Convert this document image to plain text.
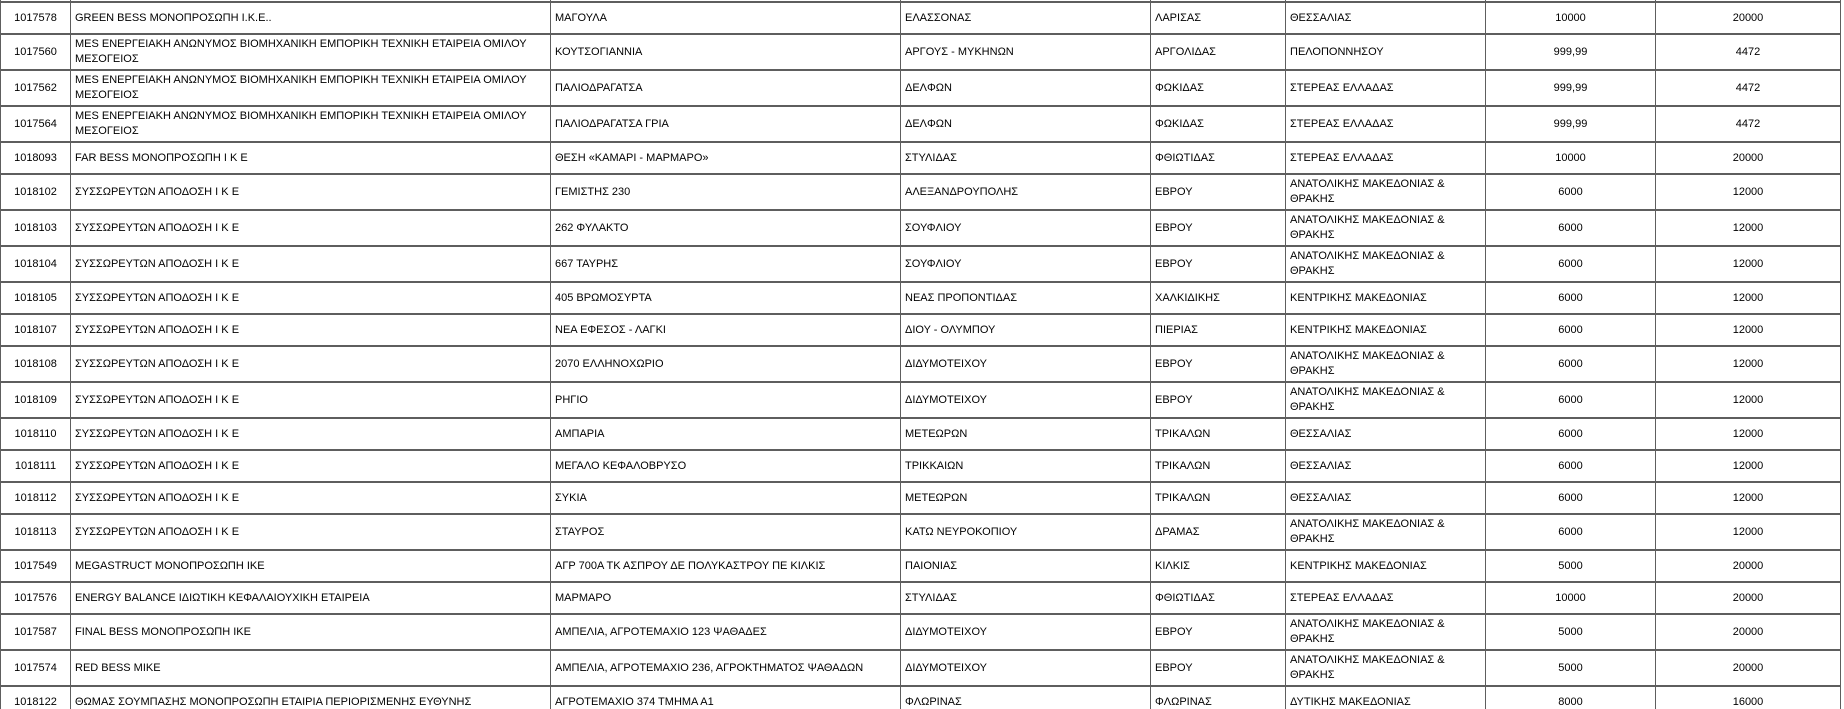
1017578	GREEN BESS ΜΟΝΟΠΡΟΣΩΠΗ Ι.Κ.Ε..	ΜΑΓΟΥΛΑ	ΕΛΑΣΣΟΝΑΣ	ΛΑΡΙΣΑΣ	ΘΕΣΣΑΛΙΑΣ	10000	20000
1017560	MES ΕΝΕΡΓΕΙΑΚΗ ΑΝΩΝΥΜΟΣ ΒΙΟΜΗΧΑΝΙΚΗ ΕΜΠΟΡΙΚΗ ΤΕΧΝΙΚΗ ΕΤΑΙΡΕΙΑ ΟΜΙΛΟΥ ΜΕΣΟΓΕΙΟΣ	ΚΟΥΤΣΟΓΙΑΝΝΙΑ	ΑΡΓΟΥΣ - ΜΥΚΗΝΩΝ	ΑΡΓΟΛΙΔΑΣ	ΠΕΛΟΠΟΝΝΗΣΟΥ	999,99	4472
1017562	MES ΕΝΕΡΓΕΙΑΚΗ ΑΝΩΝΥΜΟΣ ΒΙΟΜΗΧΑΝΙΚΗ ΕΜΠΟΡΙΚΗ ΤΕΧΝΙΚΗ ΕΤΑΙΡΕΙΑ ΟΜΙΛΟΥ ΜΕΣΟΓΕΙΟΣ	ΠΑΛΙΟΔΡΑΓΑΤΣΑ	ΔΕΛΦΩΝ	ΦΩΚΙΔΑΣ	ΣΤΕΡΕΑΣ ΕΛΛΑΔΑΣ	999,99	4472
1017564	MES ΕΝΕΡΓΕΙΑΚΗ ΑΝΩΝΥΜΟΣ ΒΙΟΜΗΧΑΝΙΚΗ ΕΜΠΟΡΙΚΗ ΤΕΧΝΙΚΗ ΕΤΑΙΡΕΙΑ ΟΜΙΛΟΥ ΜΕΣΟΓΕΙΟΣ	ΠΑΛΙΟΔΡΑΓΑΤΣΑ ΓΡΙΑ	ΔΕΛΦΩΝ	ΦΩΚΙΔΑΣ	ΣΤΕΡΕΑΣ ΕΛΛΑΔΑΣ	999,99	4472
1018093	FAR BESS ΜΟΝΟΠΡΟΣΩΠΗ Ι Κ Ε	ΘΕΣΗ «ΚΑΜΑΡΙ - ΜΑΡΜΑΡΟ»	ΣΤΥΛΙΔΑΣ	ΦΘΙΩΤΙΔΑΣ	ΣΤΕΡΕΑΣ ΕΛΛΑΔΑΣ	10000	20000
1018102	ΣΥΣΣΩΡΕΥΤΩΝ ΑΠΟΔΟΣΗ Ι Κ Ε	ΓΕΜΙΣΤΗΣ 230	ΑΛΕΞΑΝΔΡΟΥΠΟΛΗΣ	ΕΒΡΟΥ	ΑΝΑΤΟΛΙΚΗΣ ΜΑΚΕΔΟΝΙΑΣ & ΘΡΑΚΗΣ	6000	12000
1018103	ΣΥΣΣΩΡΕΥΤΩΝ ΑΠΟΔΟΣΗ Ι Κ Ε	262 ΦΥΛΑΚΤΟ	ΣΟΥΦΛΙΟΥ	ΕΒΡΟΥ	ΑΝΑΤΟΛΙΚΗΣ ΜΑΚΕΔΟΝΙΑΣ & ΘΡΑΚΗΣ	6000	12000
1018104	ΣΥΣΣΩΡΕΥΤΩΝ ΑΠΟΔΟΣΗ Ι Κ Ε	667 ΤΑΥΡΗΣ	ΣΟΥΦΛΙΟΥ	ΕΒΡΟΥ	ΑΝΑΤΟΛΙΚΗΣ ΜΑΚΕΔΟΝΙΑΣ & ΘΡΑΚΗΣ	6000	12000
1018105	ΣΥΣΣΩΡΕΥΤΩΝ ΑΠΟΔΟΣΗ Ι Κ Ε	405 ΒΡΩΜΟΣΥΡΤΑ	ΝΕΑΣ ΠΡΟΠΟΝΤΙΔΑΣ	ΧΑΛΚΙΔΙΚΗΣ	ΚΕΝΤΡΙΚΗΣ ΜΑΚΕΔΟΝΙΑΣ	6000	12000
1018107	ΣΥΣΣΩΡΕΥΤΩΝ ΑΠΟΔΟΣΗ Ι Κ Ε	ΝΕΑ ΕΦΕΣΟΣ - ΛΑΓΚΙ	ΔΙΟΥ - ΟΛΥΜΠΟΥ	ΠΙΕΡΙΑΣ	ΚΕΝΤΡΙΚΗΣ ΜΑΚΕΔΟΝΙΑΣ	6000	12000
1018108	ΣΥΣΣΩΡΕΥΤΩΝ ΑΠΟΔΟΣΗ Ι Κ Ε	2070 ΕΛΛΗΝΟΧΩΡΙΟ	ΔΙΔΥΜΟΤΕΙΧΟΥ	ΕΒΡΟΥ	ΑΝΑΤΟΛΙΚΗΣ ΜΑΚΕΔΟΝΙΑΣ & ΘΡΑΚΗΣ	6000	12000
1018109	ΣΥΣΣΩΡΕΥΤΩΝ ΑΠΟΔΟΣΗ Ι Κ Ε	ΡΗΓΙΟ	ΔΙΔΥΜΟΤΕΙΧΟΥ	ΕΒΡΟΥ	ΑΝΑΤΟΛΙΚΗΣ ΜΑΚΕΔΟΝΙΑΣ & ΘΡΑΚΗΣ	6000	12000
1018110	ΣΥΣΣΩΡΕΥΤΩΝ ΑΠΟΔΟΣΗ Ι Κ Ε	ΑΜΠΑΡΙΑ	ΜΕΤΕΩΡΩΝ	ΤΡΙΚΑΛΩΝ	ΘΕΣΣΑΛΙΑΣ	6000	12000
1018111	ΣΥΣΣΩΡΕΥΤΩΝ ΑΠΟΔΟΣΗ Ι Κ Ε	ΜΕΓΑΛΟ ΚΕΦΑΛΟΒΡΥΣΟ	ΤΡΙΚΚΑΙΩΝ	ΤΡΙΚΑΛΩΝ	ΘΕΣΣΑΛΙΑΣ	6000	12000
1018112	ΣΥΣΣΩΡΕΥΤΩΝ ΑΠΟΔΟΣΗ Ι Κ Ε	ΣΥΚΙΑ	ΜΕΤΕΩΡΩΝ	ΤΡΙΚΑΛΩΝ	ΘΕΣΣΑΛΙΑΣ	6000	12000
1018113	ΣΥΣΣΩΡΕΥΤΩΝ ΑΠΟΔΟΣΗ Ι Κ Ε	ΣΤΑΥΡΟΣ	ΚΑΤΩ ΝΕΥΡΟΚΟΠΙΟΥ	ΔΡΑΜΑΣ	ΑΝΑΤΟΛΙΚΗΣ ΜΑΚΕΔΟΝΙΑΣ & ΘΡΑΚΗΣ	6000	12000
1017549	MEGASTRUCT ΜΟΝΟΠΡΟΣΩΠΗ ΙΚΕ	ΑΓΡ 700Α ΤΚ ΑΣΠΡΟΥ ΔΕ ΠΟΛΥΚΑΣΤΡΟΥ ΠΕ ΚΙΛΚΙΣ	ΠΑΙΟΝΙΑΣ	ΚΙΛΚΙΣ	ΚΕΝΤΡΙΚΗΣ ΜΑΚΕΔΟΝΙΑΣ	5000	20000
1017576	ENERGY BALANCE ΙΔΙΩΤΙΚΗ ΚΕΦΑΛΑΙΟΥΧΙΚΗ ΕΤΑΙΡΕΙΑ	ΜΑΡΜΑΡΟ	ΣΤΥΛΙΔΑΣ	ΦΘΙΩΤΙΔΑΣ	ΣΤΕΡΕΑΣ ΕΛΛΑΔΑΣ	10000	20000
1017587	FINAL BESS ΜΟΝΟΠΡΟΣΩΠΗ ΙΚΕ	ΑΜΠΕΛΙΑ, ΑΓΡΟΤΕΜΑΧΙΟ 123 ΨΑΘΑΔΕΣ	ΔΙΔΥΜΟΤΕΙΧΟΥ	ΕΒΡΟΥ	ΑΝΑΤΟΛΙΚΗΣ ΜΑΚΕΔΟΝΙΑΣ & ΘΡΑΚΗΣ	5000	20000
1017574	RED BESS MIKE	ΑΜΠΕΛΙΑ, ΑΓΡΟΤΕΜΑΧΙΟ 236, ΑΓΡΟΚΤΗΜΑΤΟΣ ΨΑΘΑΔΩΝ	ΔΙΔΥΜΟΤΕΙΧΟΥ	ΕΒΡΟΥ	ΑΝΑΤΟΛΙΚΗΣ ΜΑΚΕΔΟΝΙΑΣ & ΘΡΑΚΗΣ	5000	20000
1018122	ΘΩΜΑΣ ΣΟΥΜΠΑΣΗΣ ΜΟΝΟΠΡΟΣΩΠΗ ΕΤΑΙΡΙΑ ΠΕΡΙΟΡΙΣΜΕΝΗΣ ΕΥΘΥΝΗΣ	ΑΓΡΟΤΕΜΑΧΙΟ 374 ΤΜΗΜΑ Α1	ΦΛΩΡΙΝΑΣ	ΦΛΩΡΙΝΑΣ	ΔΥΤΙΚΗΣ ΜΑΚΕΔΟΝΙΑΣ	8000	16000
